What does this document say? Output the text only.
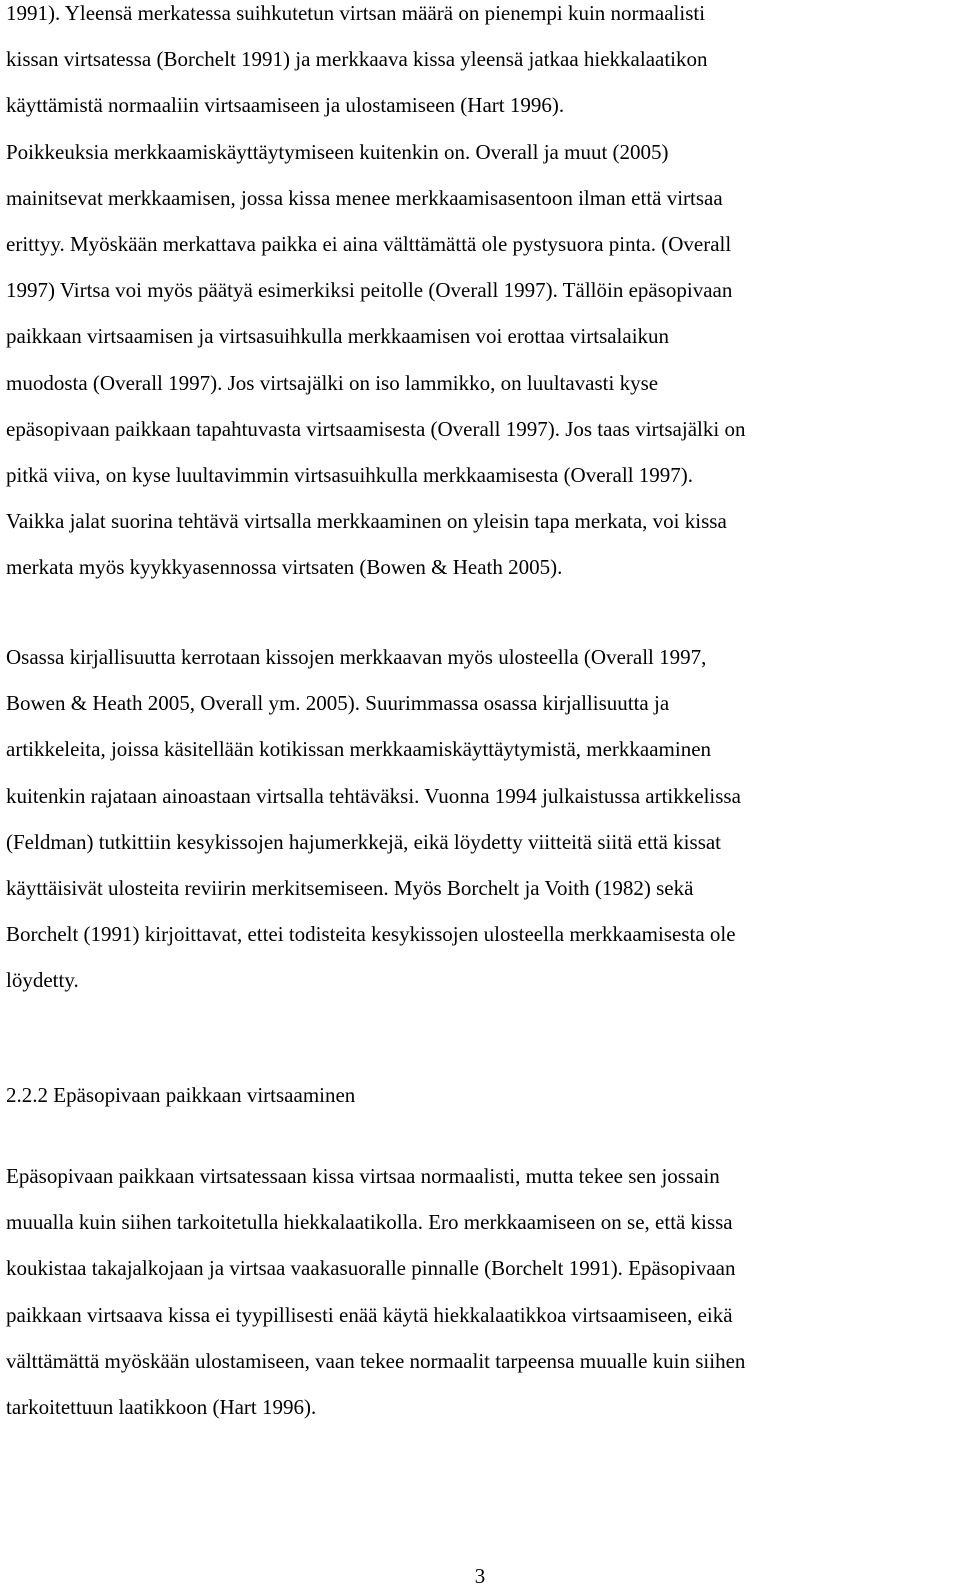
1991). Yleensä merkatessa suihkutetun virtsan määrä on pienempi kuin normaalisti
kissan virtsatessa (Borchelt 1991) ja merkkaava kissa yleensä jatkaa hiekkalaatikon
käyttämistä normaaliin virtsaamiseen ja ulostamiseen (Hart 1996).
Poikkeuksia merkkaamiskäyttäytymiseen kuitenkin on. Overall ja muut (2005)
mainitsevat merkkaamisen, jossa kissa menee merkkaamisasentoon ilman että virtsaa
erittyy. Myöskään merkattava paikka ei aina välttämättä ole pystysuora pinta. (Overall
1997) Virtsa voi myös päätyä esimerkiksi peitolle (Overall 1997). Tällöin epäsopivaan
paikkaan virtsaamisen ja virtsasuihkulla merkkaamisen voi erottaa virtsalaikun
muodosta (Overall 1997). Jos virtsajälki on iso lammikko, on luultavasti kyse
epäsopivaan paikkaan tapahtuvasta virtsaamisesta (Overall 1997). Jos taas virtsajälki on
pitkä viiva, on kyse luultavimmin virtsasuihkulla merkkaamisesta (Overall 1997).
Vaikka jalat suorina tehtävä virtsalla merkkaaminen on yleisin tapa merkata, voi kissa
merkata myös kyykkyasennossa virtsaten (Bowen & Heath 2005).

Osassa kirjallisuutta kerrotaan kissojen merkkaavan myös ulosteella (Overall 1997,
Bowen & Heath 2005, Overall ym. 2005). Suurimmassa osassa kirjallisuutta ja
artikkeleita, joissa käsitellään kotikissan merkkaamiskäyttäytymistä, merkkaaminen
kuitenkin rajataan ainoastaan virtsalla tehtäväksi. Vuonna 1994 julkaistussa artikkelissa
(Feldman) tutkittiin kesykissojen hajumerkkejä, eikä löydetty viitteitä siitä että kissat
käyttäisivät ulosteita reviirin merkitsemiseen. Myös Borchelt ja Voith (1982) sekä
Borchelt (1991) kirjoittavat, ettei todisteita kesykissojen ulosteella merkkaamisesta ole
löydetty.

2.2.2 Epäsopivaan paikkaan virtsaaminen

Epäsopivaan paikkaan virtsatessaan kissa virtsaa normaalisti, mutta tekee sen jossain
muualla kuin siihen tarkoitetulla hiekkalaatikolla. Ero merkkaamiseen on se, että kissa
koukistaa takajalkojaan ja virtsaa vaakasuoralle pinnalle (Borchelt 1991). Epäsopivaan
paikkaan virtsaava kissa ei tyypillisesti enää käytä hiekkalaatikkoa virtsaamiseen, eikä
välttämättä myöskään ulostamiseen, vaan tekee normaalit tarpeensa muualle kuin siihen
tarkoitettuun laatikkoon (Hart 1996).

3
